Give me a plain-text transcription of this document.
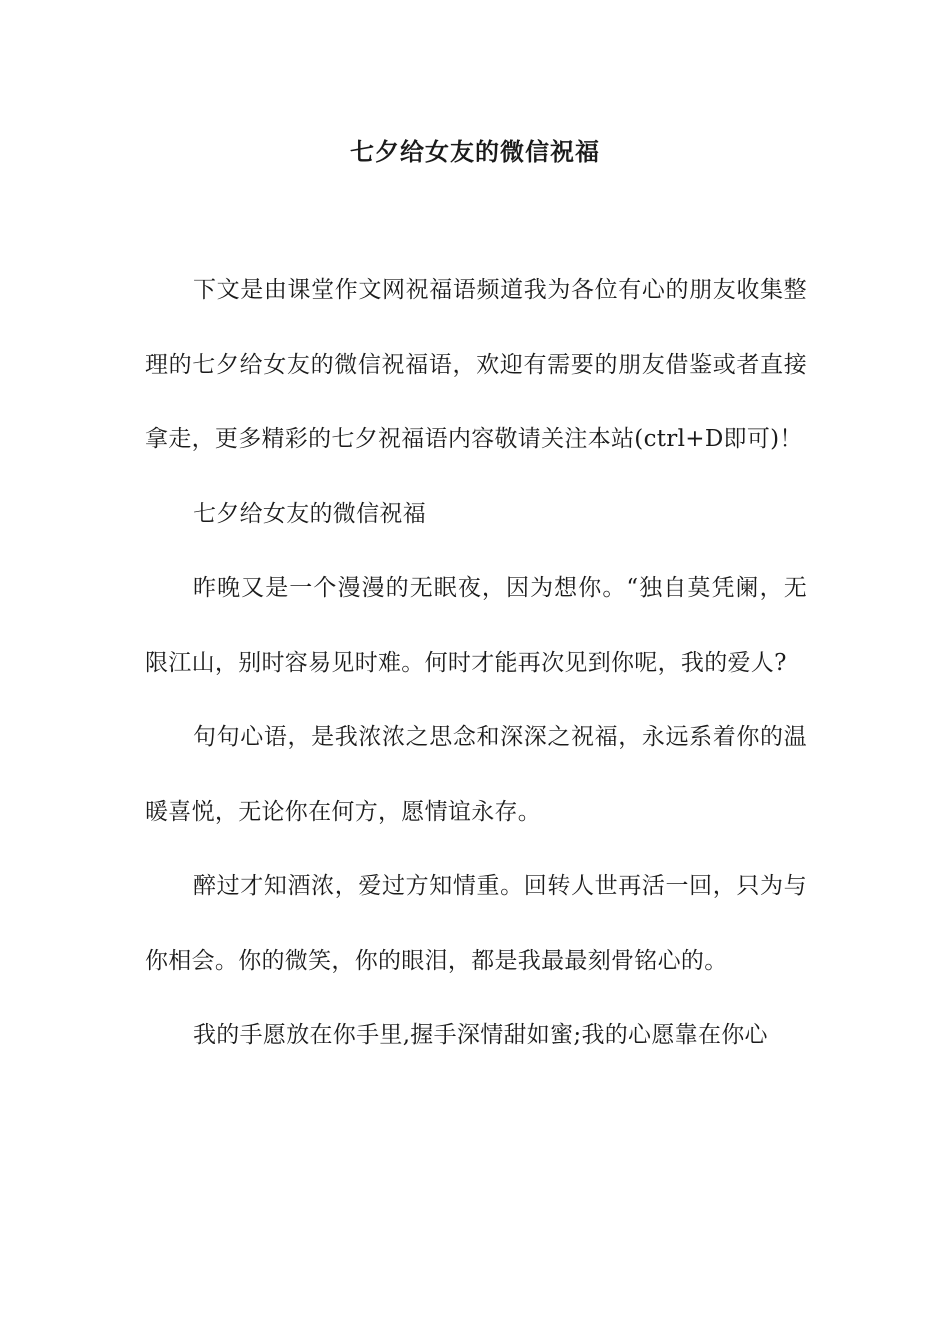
七夕给女友的微信祝福

下文是由课堂作文网祝福语频道我为各位有心的朋友收集整理的七夕给女友的微信祝福语，欢迎有需要的朋友借鉴或者直接拿走，更多精彩的七夕祝福语内容敬请关注本站(ctrl+D即可)！

七夕给女友的微信祝福

昨晚又是一个漫漫的无眠夜，因为想你。“独自莫凭阑，无限江山，别时容易见时难。何时才能再次见到你呢，我的爱人?

句句心语，是我浓浓之思念和深深之祝福，永远系着你的温暖喜悦，无论你在何方，愿情谊永存。

醉过才知酒浓，爱过方知情重。回转人世再活一回，只为与你相会。你的微笑，你的眼泪，都是我最最刻骨铭心的。

我的手愿放在你手里,握手深情甜如蜜;我的心愿靠在你心
